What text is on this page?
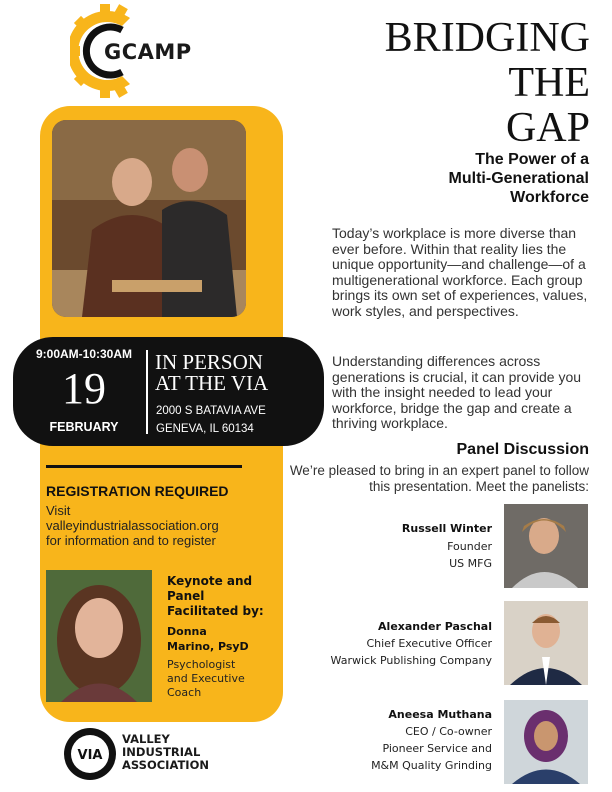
GCAMP	BRIDGING
THE
GAP
The Power of a
Multi-Generational
Workforce
Today’s workplace is more diverse than ever before. Within that reality lies the unique opportunity—and challenge—of a multigenerational workforce. Each group brings its own set of experiences, values, work styles, and perspectives.
Understanding differences across generations is crucial, it can provide you with the insight needed to lead your workforce, bridge the gap and create a thriving workplace.
9:00AM-10:30AM
19
FEBRUARY
IN PERSON
AT THE VIA
2000 S BATAVIA AVE
GENEVA, IL 60134
REGISTRATION REQUIRED
Visit
valleyindustrialassociation.org
for information and to register
Keynote and
Panel
Facilitated by:
Donna
Marino, PsyD
Psychologist
and Executive
Coach
VIA
VALLEY
INDUSTRIAL
ASSOCIATION
Panel Discussion
We’re pleased to bring in an expert panel to follow this presentation. Meet the panelists:
Russell Winter
Founder
US MFG
Alexander Paschal
Chief Executive Officer
Warwick Publishing Company
Aneesa Muthana
CEO / Co-owner
Pioneer Service and
M&M Quality Grinding
